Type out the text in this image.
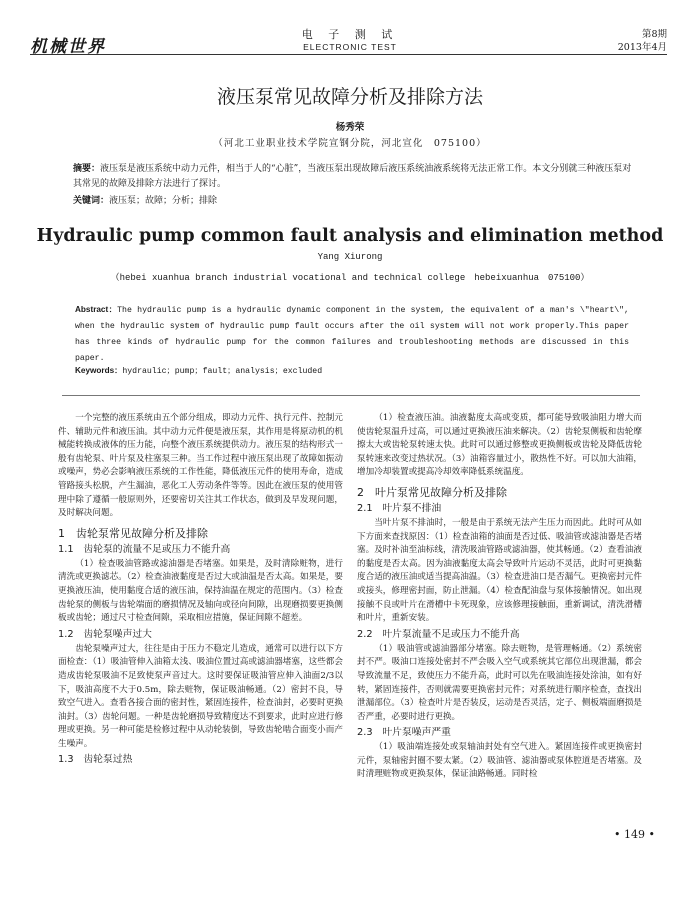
机械世界
电 子 测 试
ELECTRONIC TEST
第8期
2013年4月
液压泵常见故障分析及排除方法
杨秀荣
（河北工业职业技术学院宣钢分院，河北宣化　075100）
摘要：液压泵是液压系统中动力元件，相当于人的“心脏”，当液压泵出现故障后液压系统油液系统将无法正常工作。本文分别就三种液压泵对其常见的故障及排除方法进行了探讨。
关键词：液压泵；故障；分析；排除
Hydraulic pump common fault analysis and elimination method
Yang Xiurong
（hebei xuanhua branch industrial vocational and technical college　hebeixuanhua　075100）
Abstract：The hydraulic pump is a hydraulic dynamic component in the system, the equivalent of a man's \"heart\", when the hydraulic system of hydraulic pump fault occurs after the oil system will not work properly.This paper has three kinds of hydraulic pump for the common failures and troubleshooting methods are discussed in this paper.
Keywords：hydraulic；pump；fault；analysis；excluded

一个完整的液压系统由五个部分组成，即动力元件、执行元件、控制元件、辅助元件和液压油。其中动力元件便是液压泵，其作用是将原动机的机械能转换成液体的压力能，向整个液压系统提供动力。液压泵的结构形式一般有齿轮泵、叶片泵及柱塞泵三种。当工作过程中液压泵出现了故障如振动或噪声，势必会影响液压系统的工作性能，降低液压元件的使用寿命，造成管路接头松脱，产生漏油，恶化工人劳动条件等等。因此在液压泵的使用管理中除了遵循一般原则外，还要密切关注其工作状态，做到及早发现问题，及时解决问题。

1　齿轮泵常见故障分析及排除
1.1　齿轮泵的流量不足或压力不能升高

（1）检查吸油管路或滤油器是否堵塞。如果是，及时清除赃物，进行清洗或更换滤芯。（2）检查油液黏度是否过大或油温是否太高。如果是，要更换液压油，使用黏度合适的液压油，保持油温在规定的范围内。（3）检查齿轮泵的侧板与齿轮端面的磨损情况及轴向或径向间隙，出现磨损要更换侧板或齿轮；通过尺寸检查间隙，采取相应措施，保证间隙不超差。

1.2　齿轮泵噪声过大

齿轮泵噪声过大，往往是由于压力不稳定儿造成，通常可以进行以下方面检查：（1）吸油管伸入油箱太浅、吸油位置过高或滤油器堵塞，这些都会造成齿轮泵吸油不足致使泵声音过大。这时要保证吸油管应伸入油面2/3以下，吸油高度不大于0.5m，除去赃物，保证吸油畅通。（2）密封不良，导致空气进入。查看各接合面的密封性，紧固连接件，检查油封，必要时更换油封。（3）齿轮问题。一种是齿轮磨损导致精度达不到要求，此时应进行修理或更换。另一种可能是检修过程中从动轮装倒，导致齿轮啮合面变小而产生噪声。

1.3　齿轮泵过热

（1）检查液压油。油液黏度太高或变质，都可能导致吸油阻力增大而使齿轮泵温升过高，可以通过更换液压油来解决。（2）齿轮泵侧板和齿轮摩擦太大或齿轮泵转速太快。此时可以通过修整或更换侧板或齿轮及降低齿轮泵转速来改变过热状况。（3）油箱容量过小，散热性不好。可以加大油箱，增加冷却装置或提高冷却效率降低系统温度。

2　叶片泵常见故障分析及排除
2.1　叶片泵不排油

当叶片泵不排油时，一般是由于系统无法产生压力而因此。此时可从如下方面来查找原因：（1）检查油箱的油面是否过低、吸油管或滤油器是否堵塞。及时补油至油标线，清洗吸油管路或滤油器，使其畅通。（2）查看油液的黏度是否太高。因为油液黏度太高会导致叶片运动不灵活，此时可更换黏度合适的液压油或适当提高油温。（3）检查进油口是否漏气。更换密封元件或接头，修理密封面，防止泄漏。（4）检查配油盘与泵体接触情况。如出现接触不良或叶片在滑槽中卡死现象，应该修理接触面，重新调试，清洗滑槽和叶片，重新安装。

2.2　叶片泵流量不足或压力不能升高

（1）吸油管或滤油器部分堵塞。除去赃物，是管理畅通。（2）系统密封不严。吸油口连接处密封不严会吸入空气或系统其它部位出现泄漏，都会导致流量不足，致使压力不能升高，此时可以先在吸油连接处涂油，如有好转，紧固连接件，否则就需要更换密封元件；对系统进行顺序检查，查找出泄漏部位。（3）检查叶片是否装反，运动是否灵活，定子、侧板端面磨损是否严重，必要时进行更换。

2.3　叶片泵噪声严重

（1）吸油端连接处或泵轴油封处有空气进入。紧固连接件或更换密封元件，泵轴密封圈不要太紧。（2）吸油管、滤油器或泵体腔道是否堵塞。及时清理赃物或更换泵体，保证油路畅通。同时检

• 149 •
